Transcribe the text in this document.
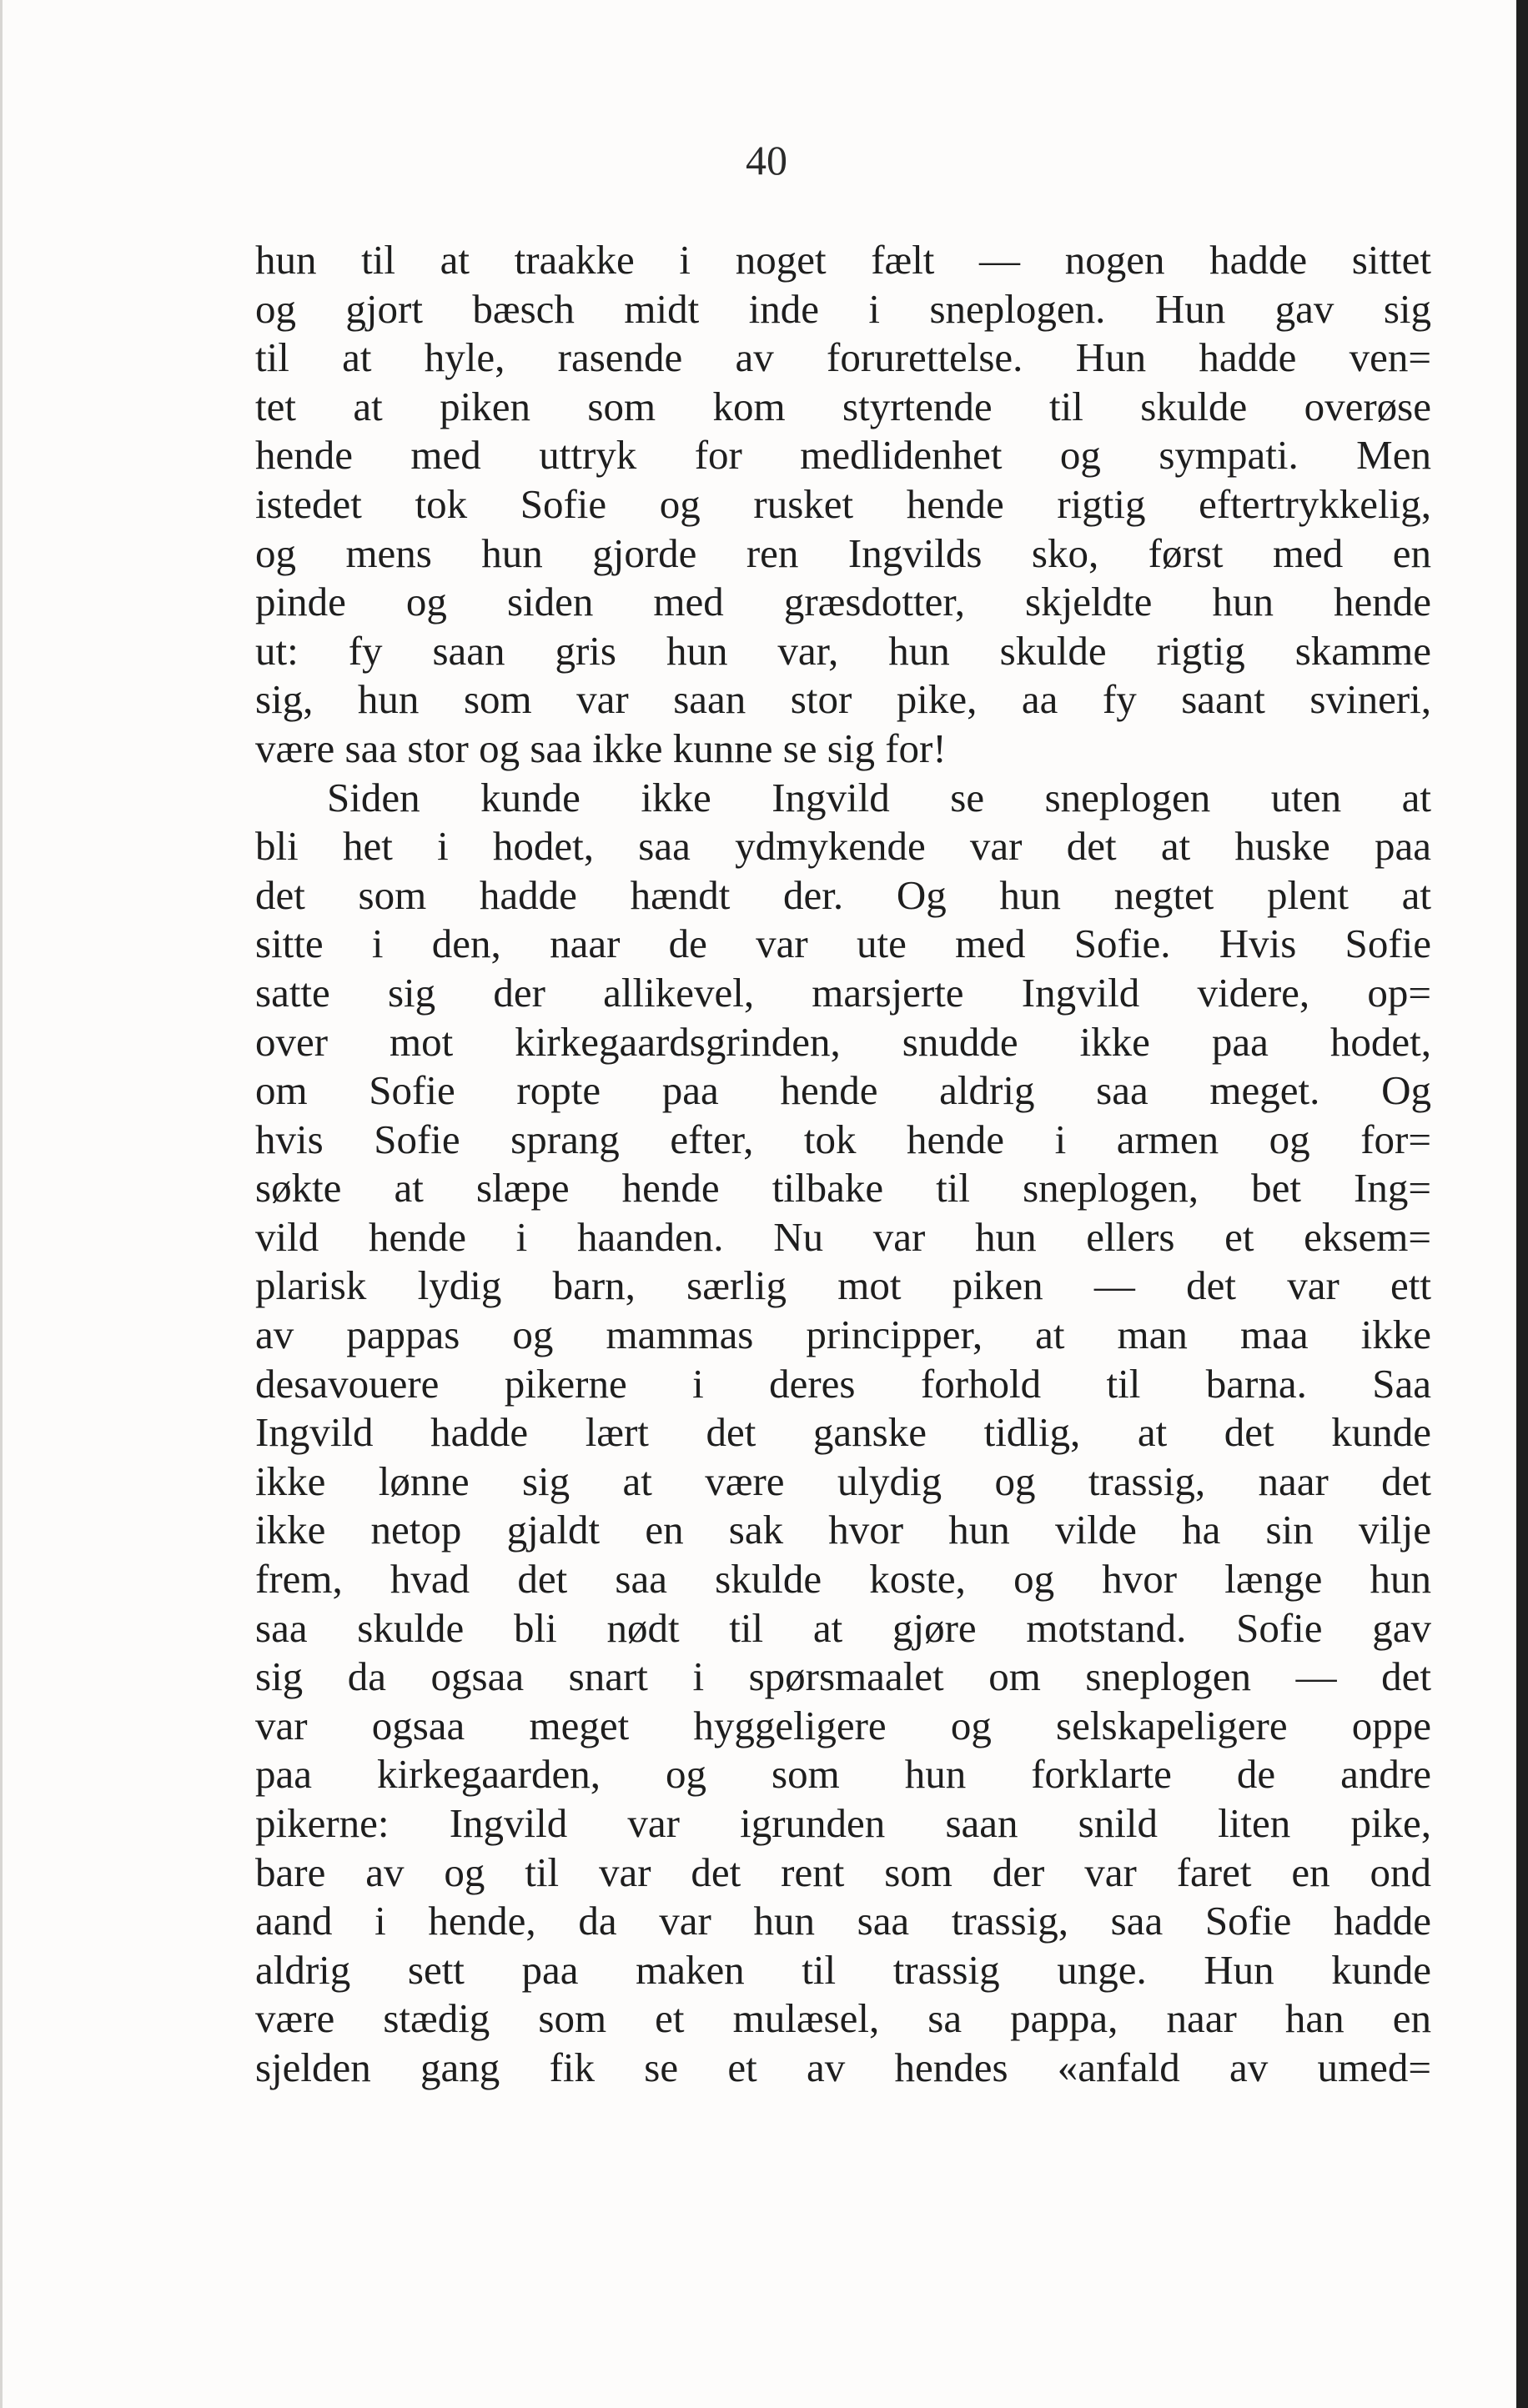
40
hun til at traakke i noget fælt — nogen hadde sittet
og gjort bæsch midt inde i sneplogen. Hun gav sig
til at hyle, rasende av forurettelse. Hun hadde ven=
tet at piken som kom styrtende til skulde overøse
hende med uttryk for medlidenhet og sympati. Men
istedet tok Sofie og rusket hende rigtig eftertrykkelig,
og mens hun gjorde ren Ingvilds sko, først med en
pinde og siden med græsdotter, skjeldte hun hende
ut: fy saan gris hun var, hun skulde rigtig skamme
sig, hun som var saan stor pike, aa fy saant svineri,
være saa stor og saa ikke kunne se sig for!
Siden kunde ikke Ingvild se sneplogen uten at
bli het i hodet, saa ydmykende var det at huske paa
det som hadde hændt der. Og hun negtet plent at
sitte i den, naar de var ute med Sofie. Hvis Sofie
satte sig der allikevel, marsjerte Ingvild videre, op=
over mot kirkegaardsgrinden, snudde ikke paa hodet,
om Sofie ropte paa hende aldrig saa meget. Og
hvis Sofie sprang efter, tok hende i armen og for=
søkte at slæpe hende tilbake til sneplogen, bet Ing=
vild hende i haanden. Nu var hun ellers et eksem=
plarisk lydig barn, særlig mot piken — det var ett
av pappas og mammas principper, at man maa ikke
desavouere pikerne i deres forhold til barna. Saa
Ingvild hadde lært det ganske tidlig, at det kunde
ikke lønne sig at være ulydig og trassig, naar det
ikke netop gjaldt en sak hvor hun vilde ha sin vilje
frem, hvad det saa skulde koste, og hvor længe hun
saa skulde bli nødt til at gjøre motstand. Sofie gav
sig da ogsaa snart i spørsmaalet om sneplogen — det
var ogsaa meget hyggeligere og selskapeligere oppe
paa kirkegaarden, og som hun forklarte de andre
pikerne: Ingvild var igrunden saan snild liten pike,
bare av og til var det rent som der var faret en ond
aand i hende, da var hun saa trassig, saa Sofie hadde
aldrig sett paa maken til trassig unge. Hun kunde
være stædig som et mulæsel, sa pappa, naar han en
sjelden gang fik se et av hendes «anfald av umed=
